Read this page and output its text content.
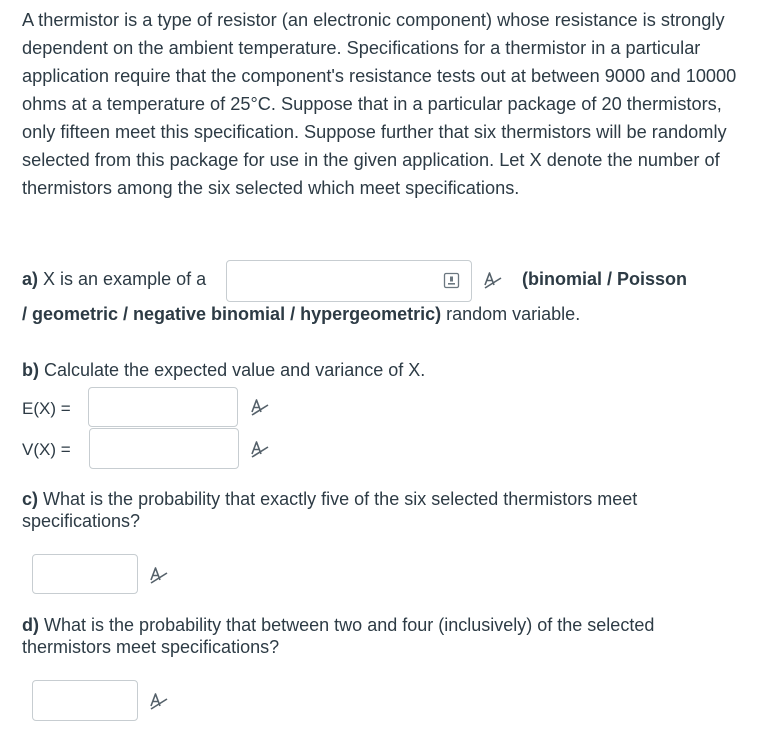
A thermistor is a type of resistor (an electronic component) whose resistance is strongly dependent on the ambient temperature. Specifications for a thermistor in a particular application require that the component's resistance tests out at between 9000 and 10000 ohms at a temperature of 25°C. Suppose that in a particular package of 20 thermistors, only fifteen meet this specification. Suppose further that six thermistors will be randomly selected from this package for use in the given application. Let X denote the number of thermistors among the six selected which meet specifications.

a) X is an example of a	(binomial / Poisson
/ geometric / negative binomial / hypergeometric) random variable.
b) Calculate the expected value and variance of X.
E(X) =
V(X) =
c) What is the probability that exactly five of the six selected thermistors meet specifications?
d) What is the probability that between two and four (inclusively) of the selected thermistors meet specifications?
